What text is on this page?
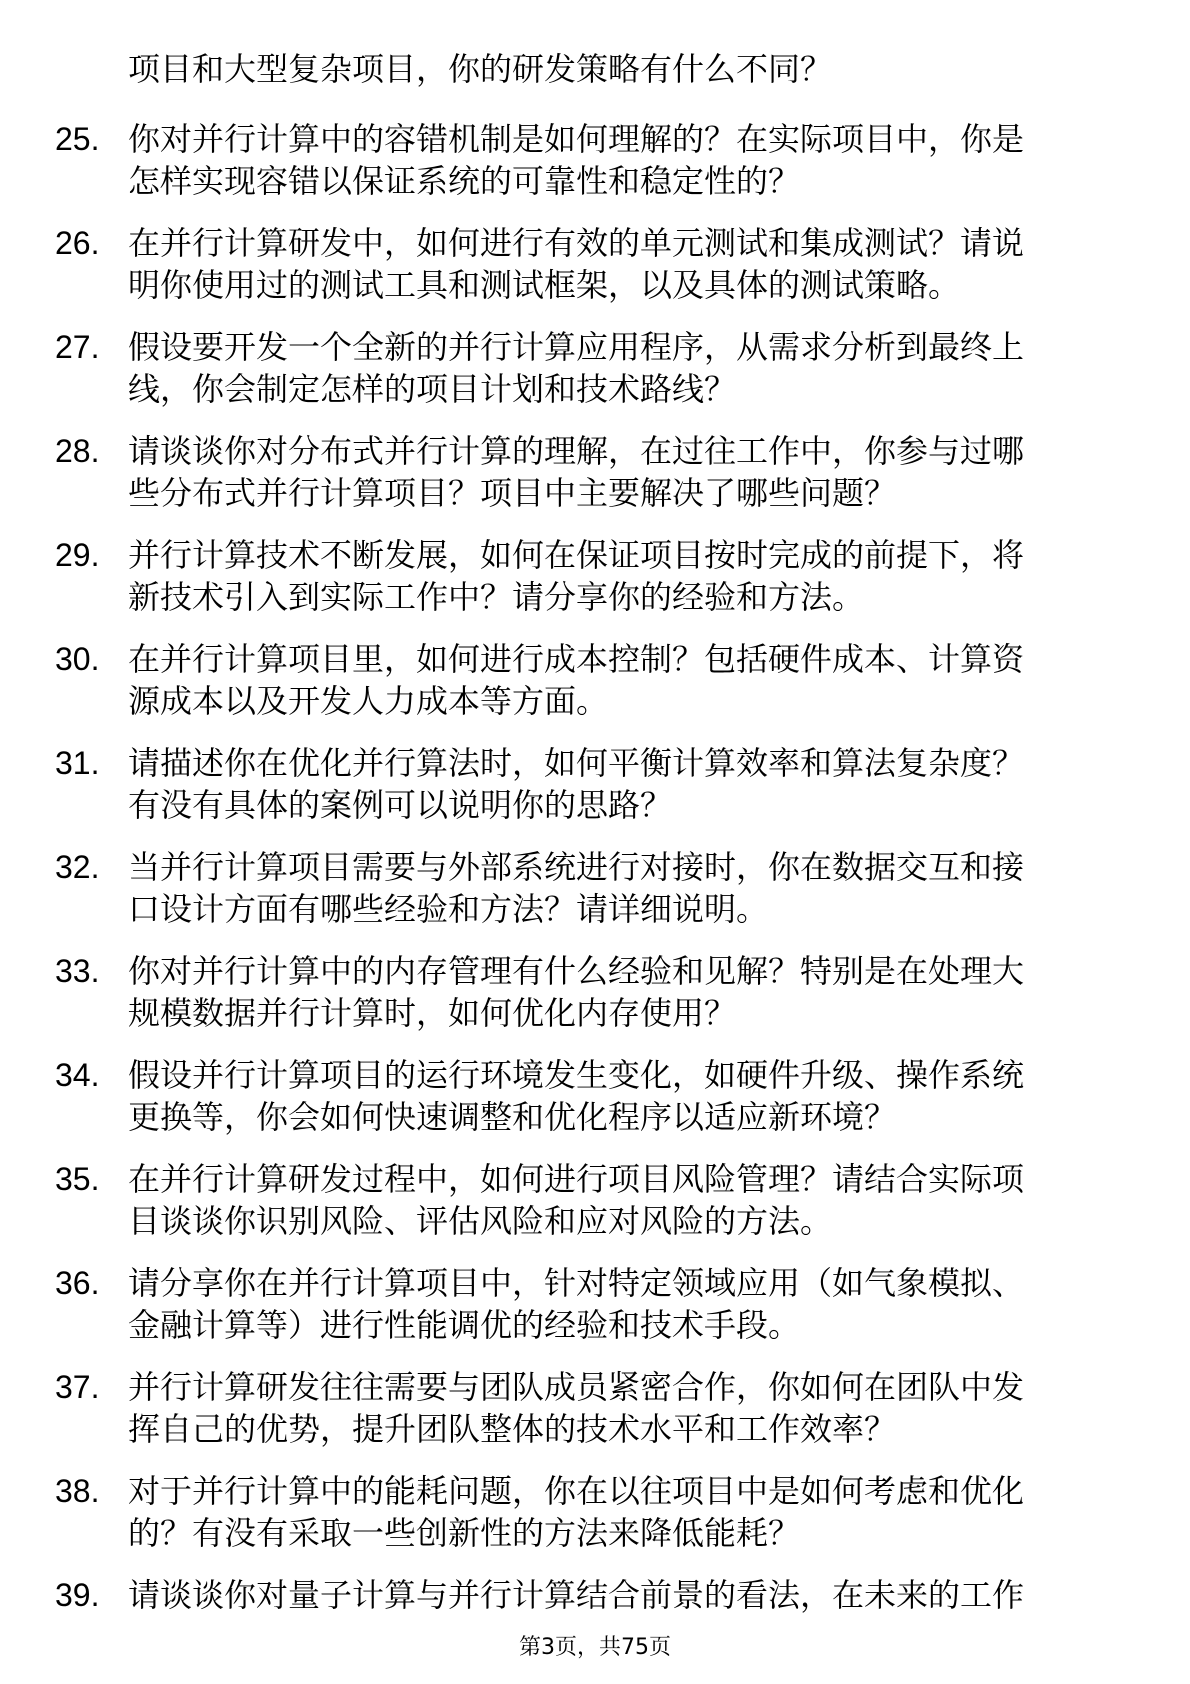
项目和大型复杂项目，你的研发策略有什么不同？
25. 你对并行计算中的容错机制是如何理解的？在实际项目中，你是
怎样实现容错以保证系统的可靠性和稳定性的？
26. 在并行计算研发中，如何进行有效的单元测试和集成测试？请说
明你使用过的测试工具和测试框架，以及具体的测试策略。
27. 假设要开发一个全新的并行计算应用程序，从需求分析到最终上
线，你会制定怎样的项目计划和技术路线？
28. 请谈谈你对分布式并行计算的理解，在过往工作中，你参与过哪
些分布式并行计算项目？项目中主要解决了哪些问题？
29. 并行计算技术不断发展，如何在保证项目按时完成的前提下，将
新技术引入到实际工作中？请分享你的经验和方法。
30. 在并行计算项目里，如何进行成本控制？包括硬件成本、计算资
源成本以及开发人力成本等方面。
31. 请描述你在优化并行算法时，如何平衡计算效率和算法复杂度？
有没有具体的案例可以说明你的思路？
32. 当并行计算项目需要与外部系统进行对接时，你在数据交互和接
口设计方面有哪些经验和方法？请详细说明。
33. 你对并行计算中的内存管理有什么经验和见解？特别是在处理大
规模数据并行计算时，如何优化内存使用？
34. 假设并行计算项目的运行环境发生变化，如硬件升级、操作系统
更换等，你会如何快速调整和优化程序以适应新环境？
35. 在并行计算研发过程中，如何进行项目风险管理？请结合实际项
目谈谈你识别风险、评估风险和应对风险的方法。
36. 请分享你在并行计算项目中，针对特定领域应用（如气象模拟、
金融计算等）进行性能调优的经验和技术手段。
37. 并行计算研发往往需要与团队成员紧密合作，你如何在团队中发
挥自己的优势，提升团队整体的技术水平和工作效率？
38. 对于并行计算中的能耗问题，你在以往项目中是如何考虑和优化
的？有没有采取一些创新性的方法来降低能耗？
39. 请谈谈你对量子计算与并行计算结合前景的看法，在未来的工作
第3页，共75页
